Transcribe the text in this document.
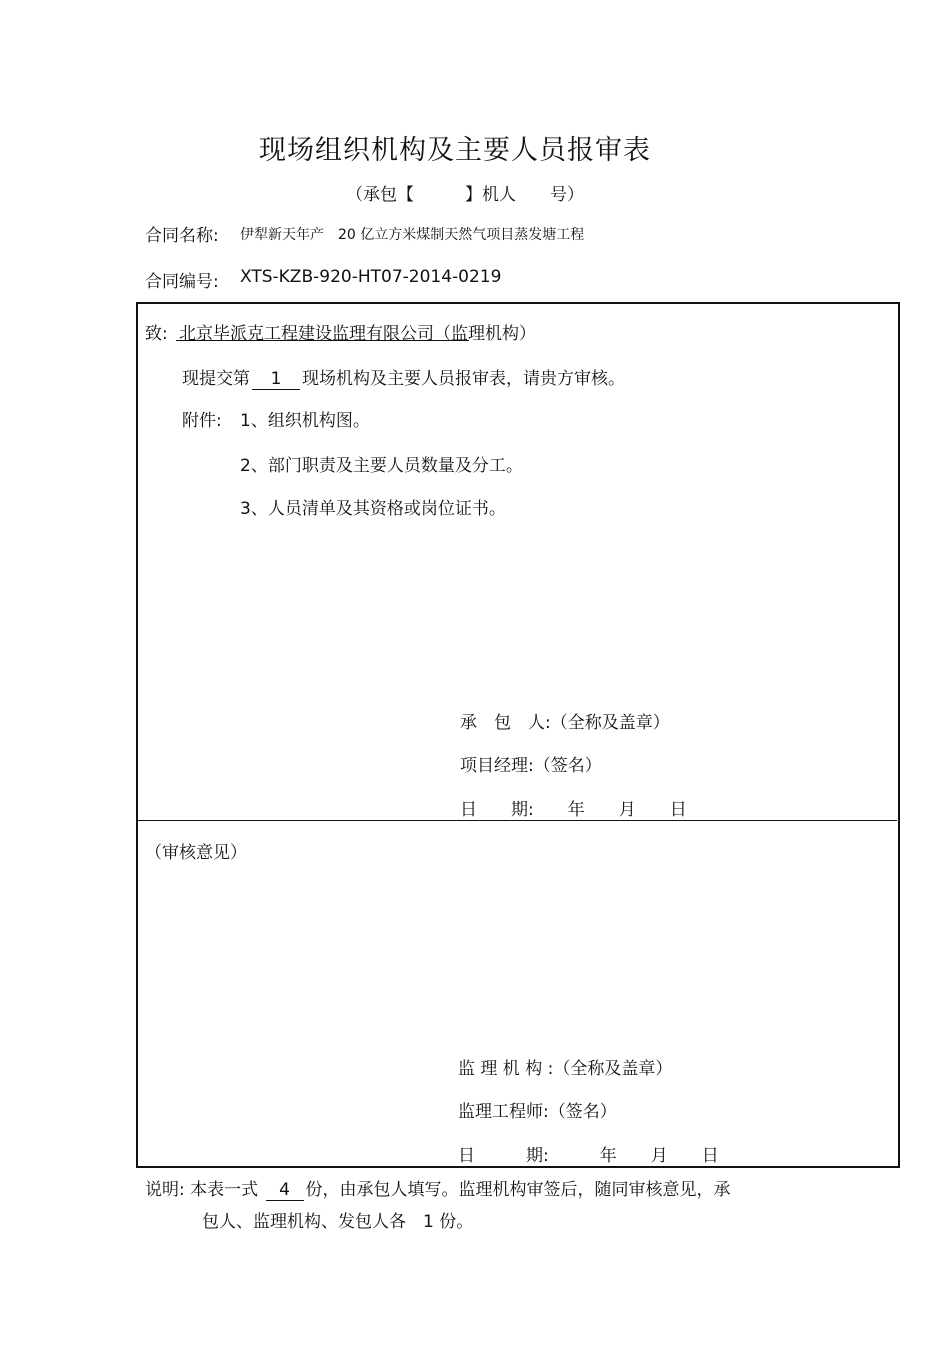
现场组织机构及主要人员报审表
（承包【　　　】机人　　号）
合同名称: 伊犁新天年产　20 亿立方米煤制天然气项目蒸发塘工程
合同编号: XTS-KZB-920-HT07-2014-0219
致: 北京毕派克工程建设监理有限公司（监理机构）
现提交第 1 现场机构及主要人员报审表，请贵方审核。
附件: 1、组织机构图。
2、部门职责及主要人员数量及分工。
3、人员清单及其资格或岗位证书。
承　包　人:（全称及盖章）
项目经理:（签名）
日　　期:　　年　　月　　日
（审核意见）
监 理 机 构 :（全称及盖章）
监理工程师:（签名）
日　　　期:　　　年　　月　　日
说明: 本表一式 4 份，由承包人填写。监理机构审签后，随同审核意见，承
包人、监理机构、发包人各　1 份。
